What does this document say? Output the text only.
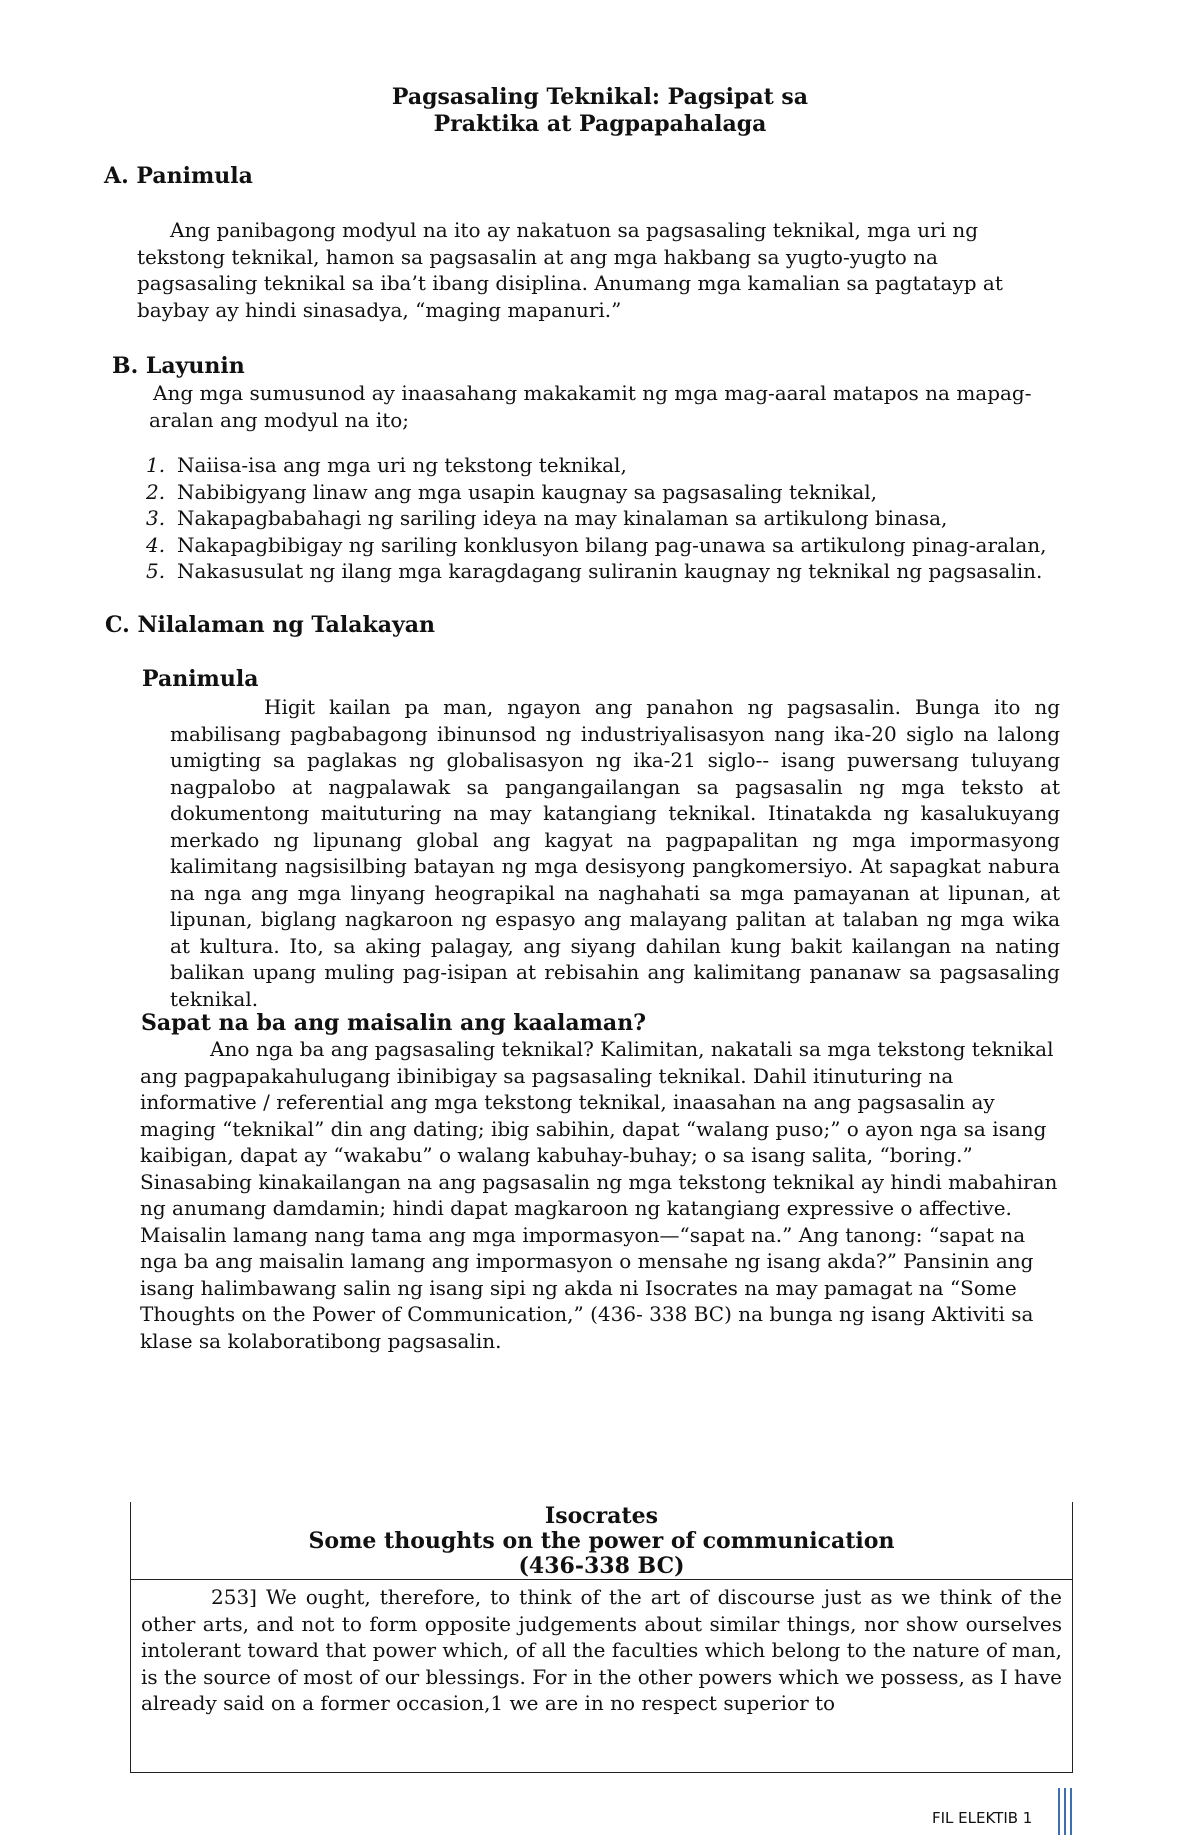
Pagsasaling Teknikal: Pagsipat sa
Praktika at Pagpapahalaga
A. Panimula
Ang panibagong modyul na ito ay nakatuon sa pagsasaling teknikal, mga uri ng tekstong teknikal, hamon sa pagsasalin at ang mga hakbang sa yugto-yugto na pagsasaling teknikal sa iba’t ibang disiplina. Anumang mga kamalian sa pagtatayp at baybay ay hindi sinasadya, “maging mapanuri.”
B. Layunin
Ang mga sumusunod ay inaasahang makakamit ng mga mag-aaral matapos na mapag-aralan ang modyul na ito;
1. Naiisa-isa ang mga uri ng tekstong teknikal,
2. Nabibigyang linaw ang mga usapin kaugnay sa pagsasaling teknikal,
3. Nakapagbabahagi ng sariling ideya na may kinalaman sa artikulong binasa,
4. Nakapagbibigay ng sariling konklusyon bilang pag-unawa sa artikulong pinag-aralan,
5. Nakasusulat ng ilang mga karagdagang suliranin kaugnay ng teknikal ng pagsasalin.
C. Nilalaman ng Talakayan
Panimula
Higit kailan pa man, ngayon ang panahon ng pagsasalin. Bunga ito ng mabilisang pagbabagong ibinunsod ng industriyalisasyon nang ika-20 siglo na lalong umigting sa paglakas ng globalisasyon ng ika-21 siglo-- isang puwersang tuluyang nagpalobo at nagpalawak sa pangangailangan sa pagsasalin ng mga teksto at dokumentong maituturing na may katangiang teknikal. Itinatakda ng kasalukuyang merkado ng lipunang global ang kagyat na pagpapalitan ng mga impormasyong kalimitang nagsisilbing batayan ng mga desisyong pangkomersiyo. At sapagkat nabura na nga ang mga linyang heograpikal na naghahati sa mga pamayanan at lipunan, at lipunan, biglang nagkaroon ng espasyo ang malayang palitan at talaban ng mga wika at kultura. Ito, sa aking palagay, ang siyang dahilan kung bakit kailangan na nating balikan upang muling pag-isipan at rebisahin ang kalimitang pananaw sa pagsasaling teknikal.
Sapat na ba ang maisalin ang kaalaman?
Ano nga ba ang pagsasaling teknikal? Kalimitan, nakatali sa mga tekstong teknikal ang pagpapakahulugang ibinibigay sa pagsasaling teknikal. Dahil itinuturing na informative / referential ang mga tekstong teknikal, inaasahan na ang pagsasalin ay maging “teknikal” din ang dating; ibig sabihin, dapat “walang puso;” o ayon nga sa isang kaibigan, dapat ay “wakabu” o walang kabuhay-buhay; o sa isang salita, “boring.” Sinasabing kinakailangan na ang pagsasalin ng mga tekstong teknikal ay hindi mabahiran ng anumang damdamin; hindi dapat magkaroon ng katangiang expressive o affective. Maisalin lamang nang tama ang mga impormasyon—“sapat na.” Ang tanong: “sapat na nga ba ang maisalin lamang ang impormasyon o mensahe ng isang akda?” Pansinin ang isang halimbawang salin ng isang sipi ng akda ni Isocrates na may pamagat na “Some Thoughts on the Power of Communication,” (436- 338 BC) na bunga ng isang Aktiviti sa klase sa kolaboratibong pagsasalin.
Isocrates
Some thoughts on the power of communication
(436-338 BC)
253] We ought, therefore, to think of the art of discourse just as we think of the other arts, and not to form opposite judgements about similar things, nor show ourselves intolerant toward that power which, of all the faculties which belong to the nature of man, is the source of most of our blessings. For in the other powers which we possess, as I have already said on a former occasion,1 we are in no respect superior to
FIL ELEKTIB 1
